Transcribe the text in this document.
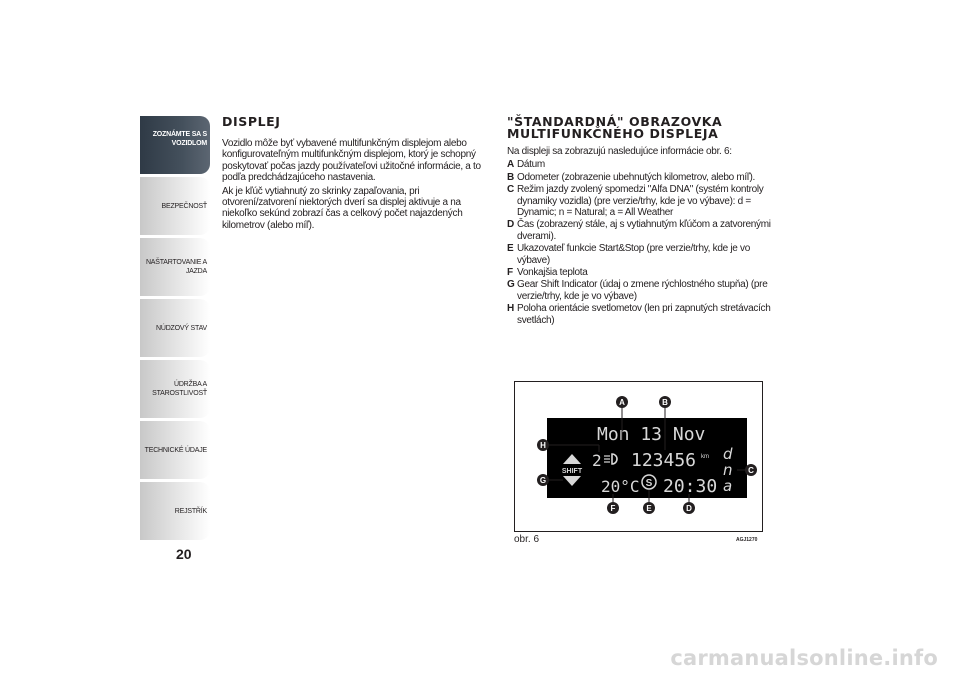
ZOZNÁMTE SA S VOZIDLOM
BEZPEČNOSŤ
NAŠTARTOVANIE A JAZDA
NÚDZOVÝ STAV
ÚDRŽBA A STAROSTLIVOSŤ
TECHNICKÉ ÚDAJE
REJSTŘÍK
20
DISPLEJ

Vozidlo môže byť vybavené multifunkčným displejom alebo konfigurovateľným multifunkčným displejom, ktorý je schopný poskytovať počas jazdy používateľovi užitočné informácie, a to podľa predchádzajúceho nastavenia.

Ak je kľúč vytiahnutý zo skrinky zapaľovania, pri otvorení/zatvorení niektorých dverí sa displej aktivuje a na niekoľko sekúnd zobrazí čas a celkový počet najazdených kilometrov (alebo míľ).

"ŠTANDARDNÁ" OBRAZOVKA
MULTIFUNKČNÉHO DISPLEJA

Na displeji sa zobrazujú nasledujúce informácie obr. 6:

A Dátum
B Odometer (zobrazenie ubehnutých kilometrov, alebo míľ).
C Režim jazdy zvolený spomedzi "Alfa DNA" (systém kontroly dynamiky vozidla) (pre verzie/trhy, kde je vo výbave): d = Dynamic; n = Natural; a = All Weather
D Čas (zobrazený stále, aj s vytiahnutým kľúčom a zatvorenými dverami).
E Ukazovateľ funkcie Start&Stop (pre verzie/trhy, kde je vo výbave)
F Vonkajšia teplota
G Gear Shift Indicator (údaj o zmene rýchlostného stupňa) (pre verzie/trhy, kde je vo výbave)
H Poloha orientácie svetlometov (len pri zapnutých stretávacích svetlách)
SHIFT
Mon 13 Nov
2 123456 km d
n
a
20°C S 20:30
A	B
C
D
E
F
G
H
obr. 6	AGJ1270
carmanualsonline.info
